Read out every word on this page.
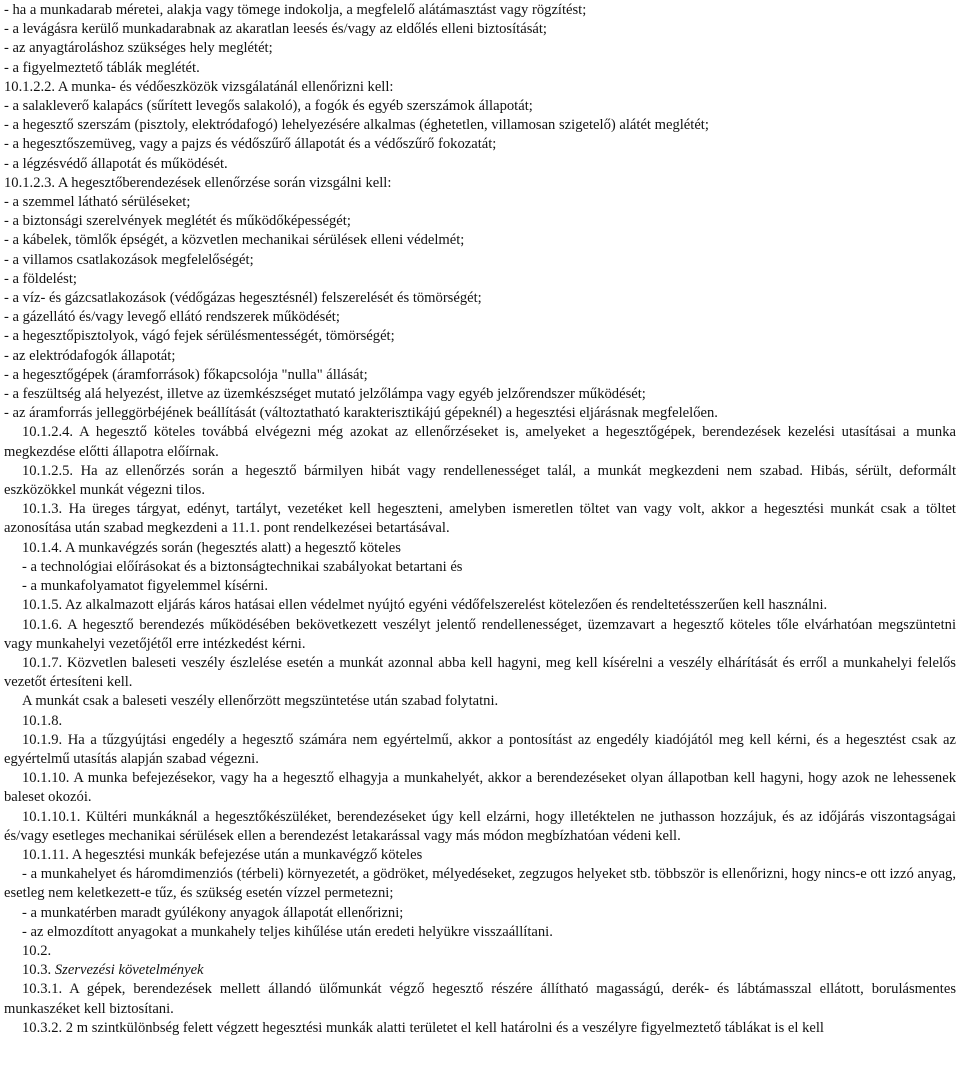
- ha a munkadarab méretei, alakja vagy tömege indokolja, a megfelelő alátámasztást vagy rögzítést;

- a levágásra kerülő munkadarabnak az akaratlan leesés és/vagy az eldőlés elleni biztosítását;

- az anyagtároláshoz szükséges hely meglétét;

- a figyelmeztető táblák meglétét.

10.1.2.2. A munka- és védőeszközök vizsgálatánál ellenőrizni kell:

- a salakleverő kalapács (sűrített levegős salakoló), a fogók és egyéb szerszámok állapotát;

- a hegesztő szerszám (pisztoly, elektródafogó) lehelyezésére alkalmas (éghetetlen, villamosan szigetelő) alátét meglétét;

- a hegesztőszemüveg, vagy a pajzs és védőszűrő állapotát és a védőszűrő fokozatát;

- a légzésvédő állapotát és működését.

10.1.2.3. A hegesztőberendezések ellenőrzése során vizsgálni kell:

- a szemmel látható sérüléseket;

- a biztonsági szerelvények meglétét és működőképességét;

- a kábelek, tömlők épségét, a közvetlen mechanikai sérülések elleni védelmét;

- a villamos csatlakozások megfelelőségét;

- a földelést;

- a víz- és gázcsatlakozások (védőgázas hegesztésnél) felszerelését és tömörségét;

- a gázellátó és/vagy levegő ellátó rendszerek működését;

- a hegesztőpisztolyok, vágó fejek sérülésmentességét, tömörségét;

- az elektródafogók állapotát;

- a hegesztőgépek (áramforrások) főkapcsolója "nulla" állását;

- a feszültség alá helyezést, illetve az üzemkészséget mutató jelzőlámpa vagy egyéb jelzőrendszer működését;

- az áramforrás jelleggörbéjének beállítását (változtatható karakterisztikájú gépeknél) a hegesztési eljárásnak megfelelően.

10.1.2.4. A hegesztő köteles továbbá elvégezni még azokat az ellenőrzéseket is, amelyeket a hegesztőgépek, berendezések kezelési utasításai a munka megkezdése előtti állapotra előírnak.

10.1.2.5. Ha az ellenőrzés során a hegesztő bármilyen hibát vagy rendellenességet talál, a munkát megkezdeni nem szabad. Hibás, sérült, deformált eszközökkel munkát végezni tilos.

10.1.3. Ha üreges tárgyat, edényt, tartályt, vezetéket kell hegeszteni, amelyben ismeretlen töltet van vagy volt, akkor a hegesztési munkát csak a töltet azonosítása után szabad megkezdeni a 11.1. pont rendelkezései betartásával.

10.1.4. A munkavégzés során (hegesztés alatt) a hegesztő köteles

- a technológiai előírásokat és a biztonságtechnikai szabályokat betartani és

- a munkafolyamatot figyelemmel kísérni.

10.1.5. Az alkalmazott eljárás káros hatásai ellen védelmet nyújtó egyéni védőfelszerelést kötelezően és rendeltetésszerűen kell használni.

10.1.6. A hegesztő berendezés működésében bekövetkezett veszélyt jelentő rendellenességet, üzemzavart a hegesztő köteles tőle elvárhatóan megszüntetni vagy munkahelyi vezetőjétől erre intézkedést kérni.

10.1.7. Közvetlen baleseti veszély észlelése esetén a munkát azonnal abba kell hagyni, meg kell kísérelni a veszély elhárítását és erről a munkahelyi felelős vezetőt értesíteni kell.

A munkát csak a baleseti veszély ellenőrzött megszüntetése után szabad folytatni.

10.1.8.

10.1.9. Ha a tűzgyújtási engedély a hegesztő számára nem egyértelmű, akkor a pontosítást az engedély kiadójától meg kell kérni, és a hegesztést csak az egyértelmű utasítás alapján szabad végezni.

10.1.10. A munka befejezésekor, vagy ha a hegesztő elhagyja a munkahelyét, akkor a berendezéseket olyan állapotban kell hagyni, hogy azok ne lehessenek baleset okozói.

10.1.10.1. Kültéri munkáknál a hegesztőkészüléket, berendezéseket úgy kell elzárni, hogy illetéktelen ne juthasson hozzájuk, és az időjárás viszontagságai és/vagy esetleges mechanikai sérülések ellen a berendezést letakarással vagy más módon megbízhatóan védeni kell.

10.1.11. A hegesztési munkák befejezése után a munkavégző köteles

- a munkahelyet és háromdimenziós (térbeli) környezetét, a gödröket, mélyedéseket, zegzugos helyeket stb. többször is ellenőrizni, hogy nincs-e ott izzó anyag, esetleg nem keletkezett-e tűz, és szükség esetén vízzel permetezni;

- a munkatérben maradt gyúlékony anyagok állapotát ellenőrizni;

- az elmozdított anyagokat a munkahely teljes kihűlése után eredeti helyükre visszaállítani.

10.2.

10.3. Szervezési követelmények

10.3.1. A gépek, berendezések mellett állandó ülőmunkát végző hegesztő részére állítható magasságú, derék- és lábtámasszal ellátott, borulásmentes munkaszéket kell biztosítani.

10.3.2. 2 m szintkülönbség felett végzett hegesztési munkák alatti területet el kell határolni és a veszélyre figyelmeztető táblákat is el kell
